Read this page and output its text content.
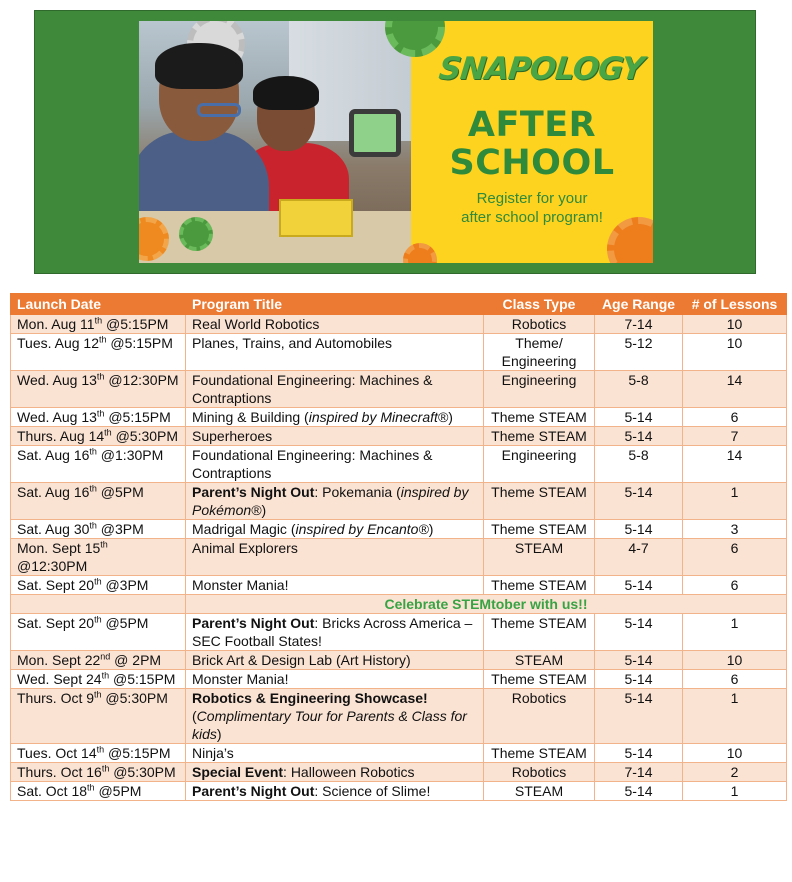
SNAPOLOGY
AFTER
SCHOOL
Register for your
after school program!
Launch Date	Program Title	Class Type	Age Range	# of Lessons
Mon. Aug 11th @5:15PM	Real World Robotics	Robotics	7-14	10
Tues. Aug 12th @5:15PM	Planes, Trains, and Automobiles	Theme/ Engineering	5-12	10
Wed. Aug 13th @12:30PM	Foundational Engineering: Machines & Contraptions	Engineering	5-8	14
Wed. Aug 13th @5:15PM	Mining & Building (inspired by Minecraft®)	Theme STEAM	5-14	6
Thurs. Aug 14th @5:30PM	Superheroes	Theme STEAM	5-14	7
Sat. Aug 16th @1:30PM	Foundational Engineering: Machines & Contraptions	Engineering	5-8	14
Sat. Aug 16th @5PM	Parent’s Night Out: Pokemania (inspired by Pokémon®)	Theme STEAM	5-14	1
Sat. Aug 30th @3PM	Madrigal Magic (inspired by Encanto®)	Theme STEAM	5-14	3
Mon. Sept 15th @12:30PM	Animal Explorers	STEAM	4-7	6
Sat. Sept 20th @3PM	Monster Mania!	Theme STEAM	5-14	6
	Celebrate STEMtober with us!!			
Sat. Sept 20th @5PM	Parent’s Night Out: Bricks Across America – SEC Football States!	Theme STEAM	5-14	1
Mon. Sept 22nd @ 2PM	Brick Art & Design Lab (Art History)	STEAM	5-14	10
Wed. Sept 24th @5:15PM	Monster Mania!	Theme STEAM	5-14	6
Thurs. Oct 9th @5:30PM	Robotics & Engineering Showcase! (Complimentary Tour for Parents & Class for kids)	Robotics	5-14	1
Tues. Oct 14th @5:15PM	Ninja’s	Theme STEAM	5-14	10
Thurs. Oct 16th @5:30PM	Special Event: Halloween Robotics	Robotics	7-14	2
Sat. Oct 18th @5PM	Parent’s Night Out: Science of Slime!	STEAM	5-14	1
